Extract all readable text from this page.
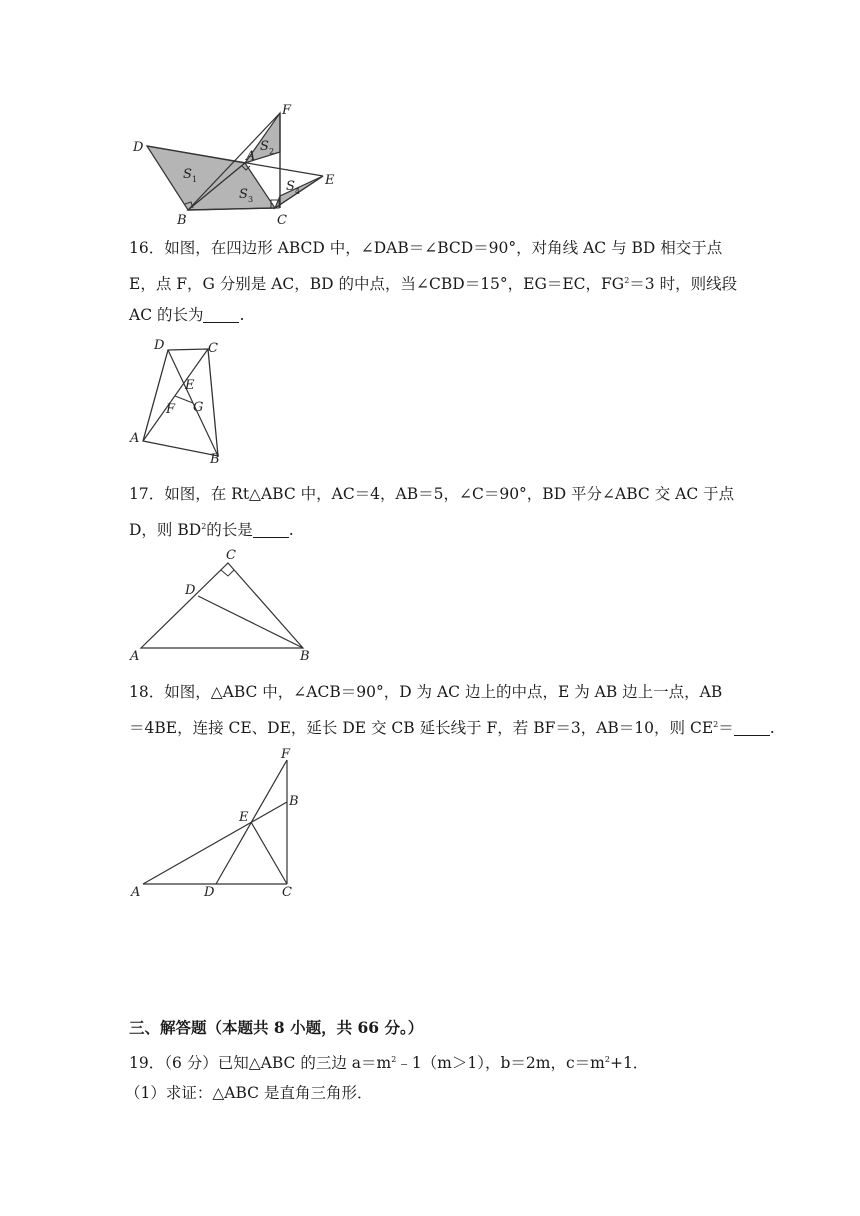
D
B
A
C
E
F
S 1
S 2
S 3
S 4
16．如图，在四边形 ABCD 中，∠DAB＝∠BCD＝90°，对角线 AC 与 BD 相交于点
E，点 F，G 分别是 AC，BD 的中点，当∠CBD＝15°，EG＝EC，$FG^2=3$ 时，则线段
AC 的长为 .
D	C
E
F G
A
B
17．如图，在 Rt△ABC 中，AC＝4，AB＝5，∠C＝90°，BD 平分∠ABC 交 AC 于点
D，则 $BD^2$的长是 .
C
D
A	B
18．如图，△ABC 中，∠ACB＝90°，D 为 AC 边上的中点，E 为 AB 边上一点，AB
＝4BE，连接 CE、DE，延长 DE 交 CB 延长线于 F，若 BF＝3，AB＝10，则 $CE^2=$ .
F
B
E
A	D	C
三、解答题（本题共 8 小题，共 66 分。）
19．（6 分）已知△ABC 的三边 $a=m^2﹣1(m>1)$，b＝2m，$c=m^2+1$．
（1）求证：△ABC 是直角三角形．
